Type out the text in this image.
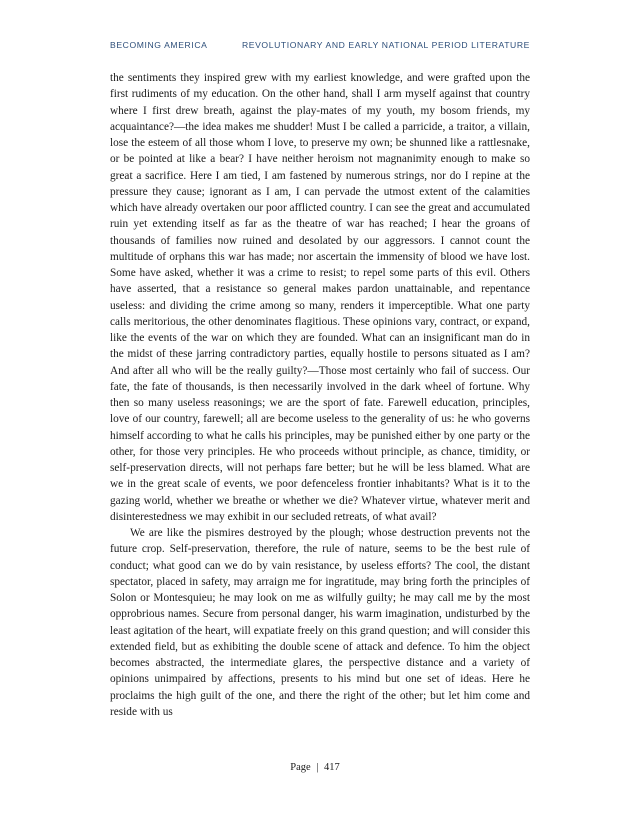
BECOMING AMERICA	REVOLUTIONARY AND EARLY NATIONAL PERIOD LITERATURE

the sentiments they inspired grew with my earliest knowledge, and were grafted upon the first rudiments of my education. On the other hand, shall I arm myself against that country where I first drew breath, against the play-mates of my youth, my bosom friends, my acquaintance?—the idea makes me shudder! Must I be called a parricide, a traitor, a villain, lose the esteem of all those whom I love, to preserve my own; be shunned like a rattlesnake, or be pointed at like a bear? I have neither heroism not magnanimity enough to make so great a sacrifice. Here I am tied, I am fastened by numerous strings, nor do I repine at the pressure they cause; ignorant as I am, I can pervade the utmost extent of the calamities which have already overtaken our poor afflicted country. I can see the great and accumulated ruin yet extending itself as far as the theatre of war has reached; I hear the groans of thousands of families now ruined and desolated by our aggressors. I cannot count the multitude of orphans this war has made; nor ascertain the immensity of blood we have lost. Some have asked, whether it was a crime to resist; to repel some parts of this evil. Others have asserted, that a resistance so general makes pardon unattainable, and repentance useless: and dividing the crime among so many, renders it imperceptible. What one party calls meritorious, the other denominates flagitious. These opinions vary, contract, or expand, like the events of the war on which they are founded. What can an insignificant man do in the midst of these jarring contradictory parties, equally hostile to persons situated as I am? And after all who will be the really guilty?—Those most certainly who fail of success. Our fate, the fate of thousands, is then necessarily involved in the dark wheel of fortune. Why then so many useless reasonings; we are the sport of fate. Farewell education, principles, love of our country, farewell; all are become useless to the generality of us: he who governs himself according to what he calls his principles, may be punished either by one party or the other, for those very principles. He who proceeds without principle, as chance, timidity, or self-preservation directs, will not perhaps fare better; but he will be less blamed. What are we in the great scale of events, we poor defenceless frontier inhabitants? What is it to the gazing world, whether we breathe or whether we die? Whatever virtue, whatever merit and disinterestedness we may exhibit in our secluded retreats, of what avail?

We are like the pismires destroyed by the plough; whose destruction prevents not the future crop. Self-preservation, therefore, the rule of nature, seems to be the best rule of conduct; what good can we do by vain resistance, by useless efforts? The cool, the distant spectator, placed in safety, may arraign me for ingratitude, may bring forth the principles of Solon or Montesquieu; he may look on me as wilfully guilty; he may call me by the most opprobrious names. Secure from personal danger, his warm imagination, undisturbed by the least agitation of the heart, will expatiate freely on this grand question; and will consider this extended field, but as exhibiting the double scene of attack and defence. To him the object becomes abstracted, the intermediate glares, the perspective distance and a variety of opinions unimpaired by affections, presents to his mind but one set of ideas. Here he proclaims the high guilt of the one, and there the right of the other; but let him come and reside with us

Page | 417
